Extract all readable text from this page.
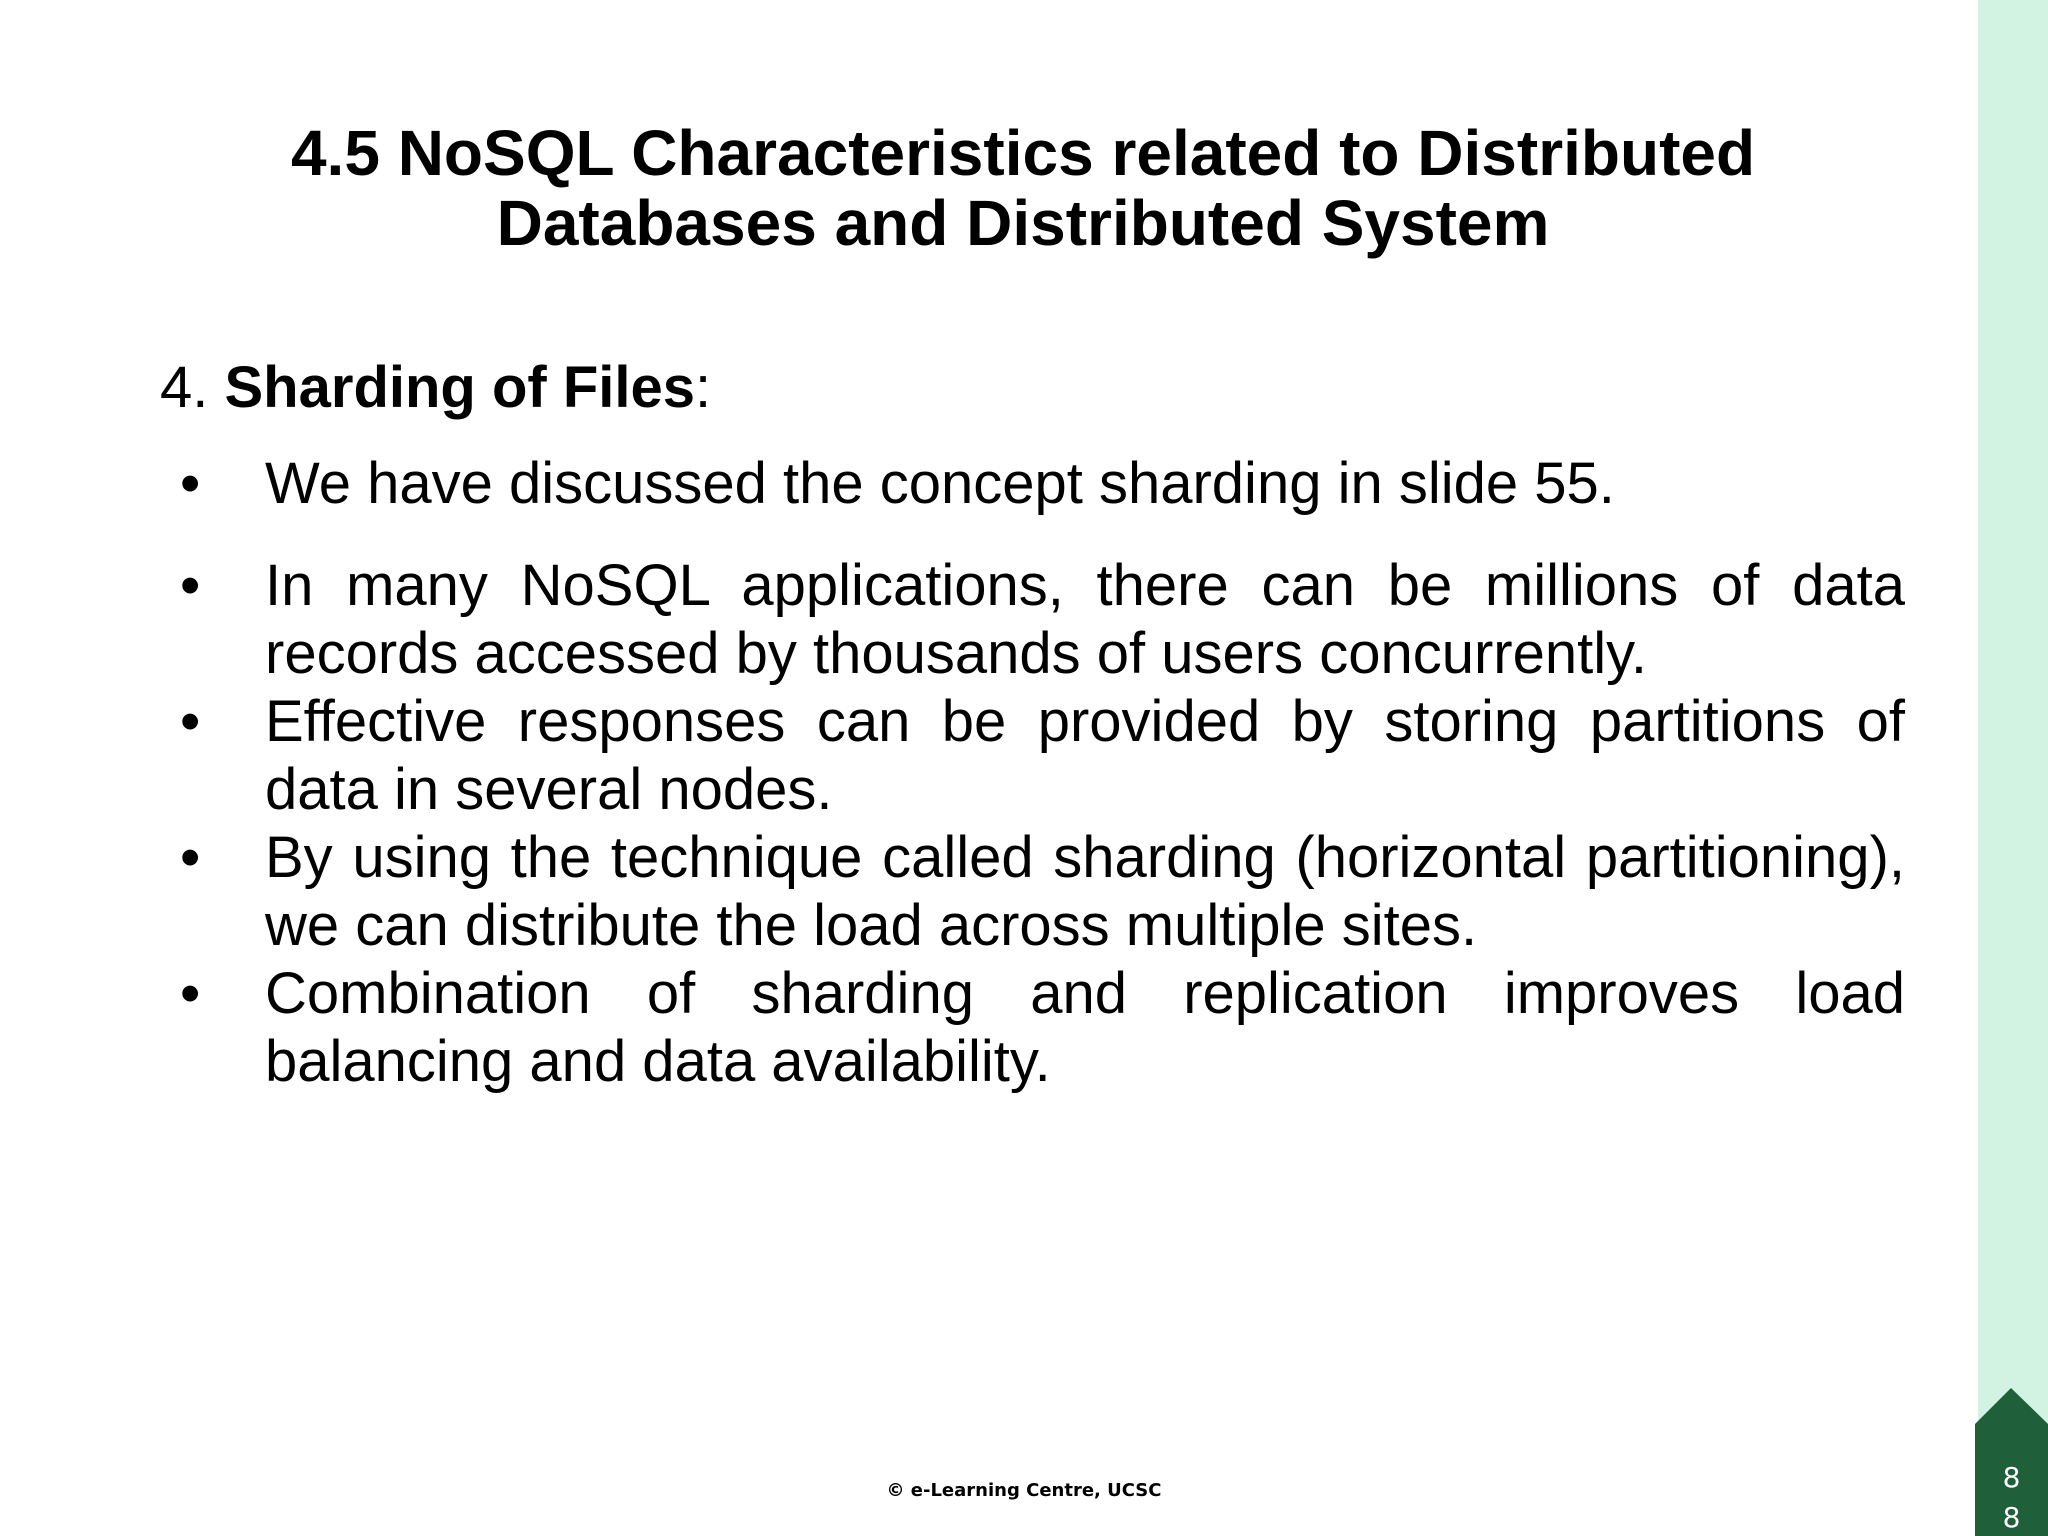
4.5 NoSQL Characteristics related to Distributed
Databases and Distributed System

4. Sharding of Files:

•	We have discussed the concept sharding in slide 55.
•	In many NoSQL applications, there can be millions of data records accessed by thousands of users concurrently.
•	Effective responses can be provided by storing partitions of data in several nodes.
•	By using the technique called sharding (horizontal partitioning), we can distribute the load across multiple sites.
•	Combination of sharding and replication improves load balancing and data availability.
© e-Learning Centre, UCSC	8
8
